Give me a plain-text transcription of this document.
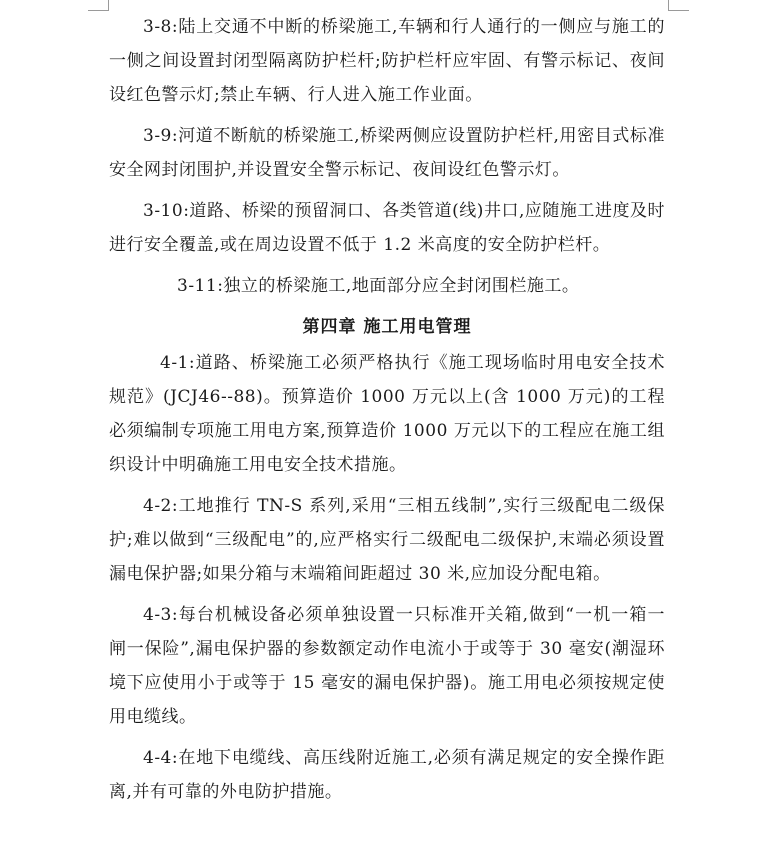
3-8:陆上交通不中断的桥梁施工,车辆和行人通行的一侧应与施工的一侧之间设置封闭型隔离防护栏杆;防护栏杆应牢固、有警示标记、夜间设红色警示灯;禁止车辆、行人进入施工作业面。

3-9:河道不断航的桥梁施工,桥梁两侧应设置防护栏杆,用密目式标准安全网封闭围护,并设置安全警示标记、夜间设红色警示灯。

3-10:道路、桥梁的预留洞口、各类管道(线)井口,应随施工进度及时进行安全覆盖,或在周边设置不低于 1.2 米高度的安全防护栏杆。

3-11:独立的桥梁施工,地面部分应全封闭围栏施工。

第四章 施工用电管理

4-1:道路、桥梁施工必须严格执行《施工现场临时用电安全技术规范》(JCJ46--88)。预算造价 1000 万元以上(含 1000 万元)的工程必须编制专项施工用电方案,预算造价 1000 万元以下的工程应在施工组织设计中明确施工用电安全技术措施。

4-2:工地推行 TN-S 系列,采用“三相五线制”,实行三级配电二级保护;难以做到“三级配电”的,应严格实行二级配电二级保护,末端必须设置漏电保护器;如果分箱与末端箱间距超过 30 米,应加设分配电箱。

4-3:每台机械设备必须单独设置一只标准开关箱,做到“一机一箱一闸一保险”,漏电保护器的参数额定动作电流小于或等于 30 毫安(潮湿环境下应使用小于或等于 15 毫安的漏电保护器)。施工用电必须按规定使用电缆线。

4-4:在地下电缆线、高压线附近施工,必须有满足规定的安全操作距离,并有可靠的外电防护措施。
